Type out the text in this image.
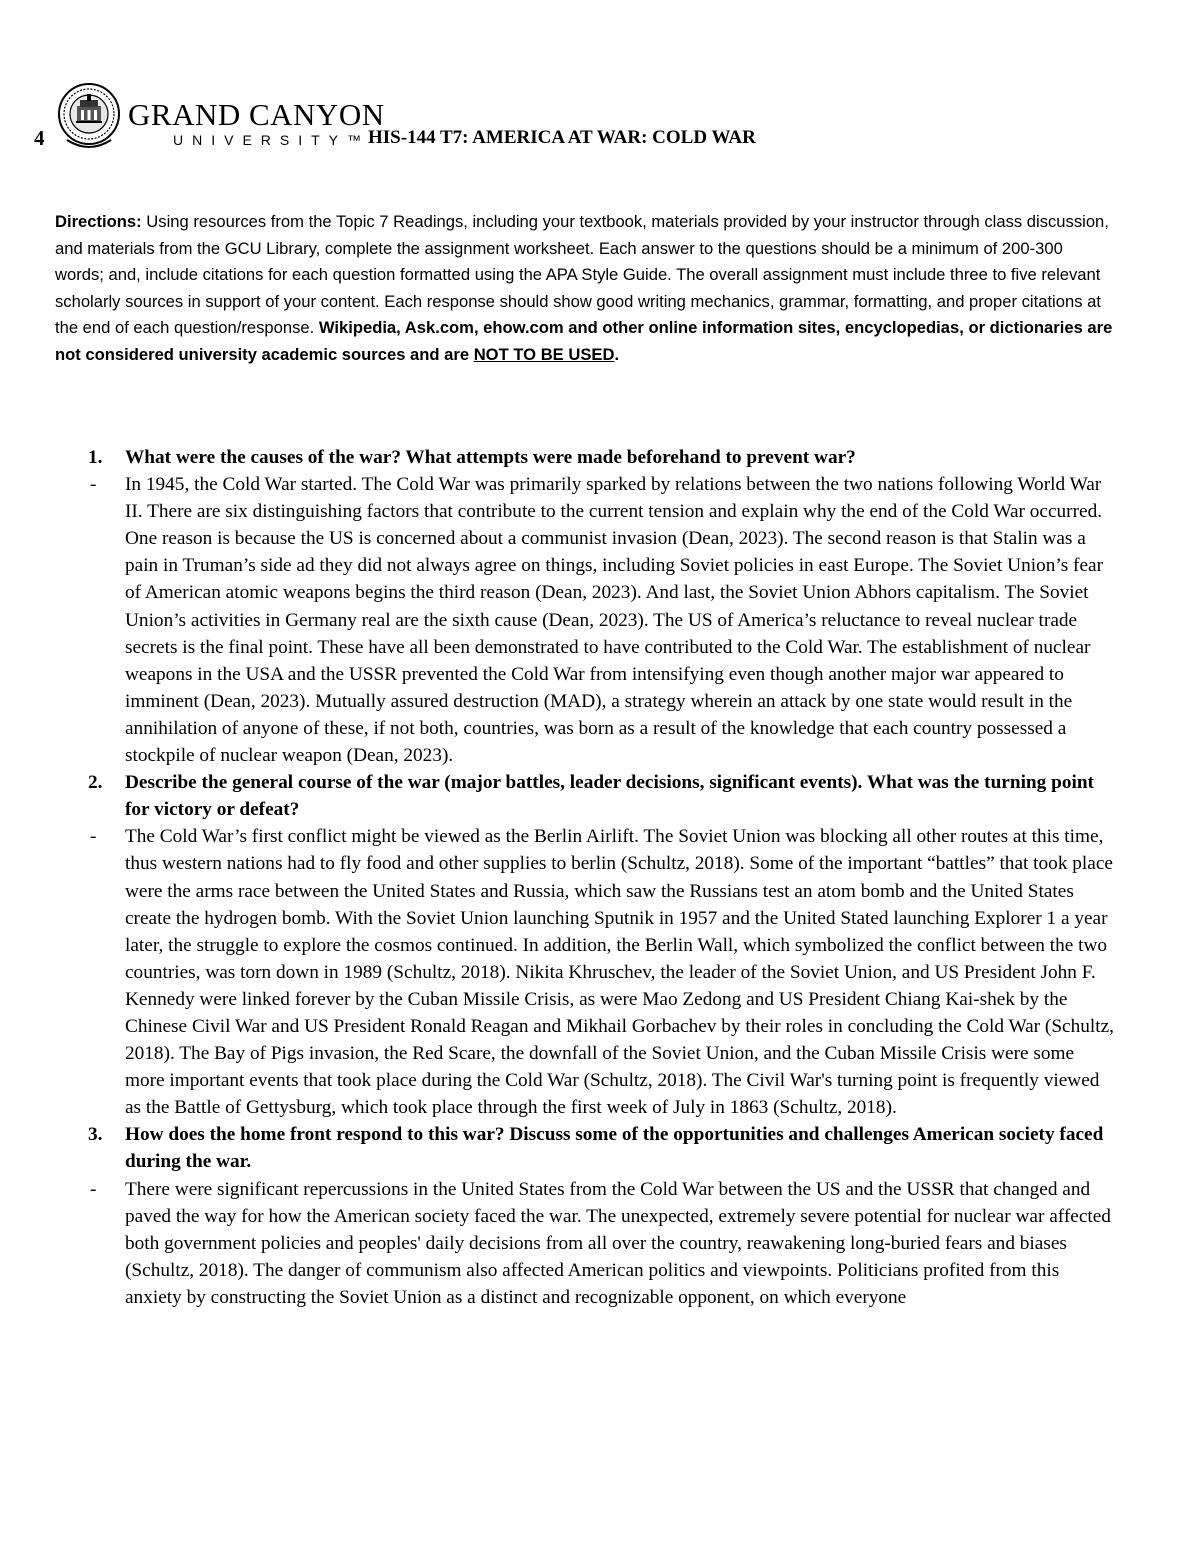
4
GRAND CANYON
UNIVERSITY™
HIS-144 T7: AMERICA AT WAR: COLD WAR

Directions: Using resources from the Topic 7 Readings, including your textbook, materials provided by your instructor through class discussion, and materials from the GCU Library, complete the assignment worksheet. Each answer to the questions should be a minimum of 200-300 words; and, include citations for each question formatted using the APA Style Guide. The overall assignment must include three to five relevant scholarly sources in support of your content. Each response should show good writing mechanics, grammar, formatting, and proper citations at the end of each question/response. Wikipedia, Ask.com, ehow.com and other online information sites, encyclopedias, or dictionaries are not considered university academic sources and are NOT TO BE USED.

1. What were the causes of the war? What attempts were made beforehand to prevent war?
- In 1945, the Cold War started. The Cold War was primarily sparked by relations between the two nations following World War II. There are six distinguishing factors that contribute to the current tension and explain why the end of the Cold War occurred. One reason is because the US is concerned about a communist invasion (Dean, 2023). The second reason is that Stalin was a pain in Truman’s side ad they did not always agree on things, including Soviet policies in east Europe. The Soviet Union’s fear of American atomic weapons begins the third reason (Dean, 2023). And last, the Soviet Union Abhors capitalism. The Soviet Union’s activities in Germany real are the sixth cause (Dean, 2023). The US of America’s reluctance to reveal nuclear trade secrets is the final point. These have all been demonstrated to have contributed to the Cold War. The establishment of nuclear weapons in the USA and the USSR prevented the Cold War from intensifying even though another major war appeared to imminent (Dean, 2023). Mutually assured destruction (MAD), a strategy wherein an attack by one state would result in the annihilation of anyone of these, if not both, countries, was born as a result of the knowledge that each country possessed a stockpile of nuclear weapon (Dean, 2023).
2. Describe the general course of the war (major battles, leader decisions, significant events). What was the turning point for victory or defeat?
- The Cold War’s first conflict might be viewed as the Berlin Airlift. The Soviet Union was blocking all other routes at this time, thus western nations had to fly food and other supplies to berlin (Schultz, 2018). Some of the important “battles” that took place were the arms race between the United States and Russia, which saw the Russians test an atom bomb and the United States create the hydrogen bomb. With the Soviet Union launching Sputnik in 1957 and the United Stated launching Explorer 1 a year later, the struggle to explore the cosmos continued. In addition, the Berlin Wall, which symbolized the conflict between the two countries, was torn down in 1989 (Schultz, 2018). Nikita Khruschev, the leader of the Soviet Union, and US President John F. Kennedy were linked forever by the Cuban Missile Crisis, as were Mao Zedong and US President Chiang Kai-shek by the Chinese Civil War and US President Ronald Reagan and Mikhail Gorbachev by their roles in concluding the Cold War (Schultz, 2018). The Bay of Pigs invasion, the Red Scare, the downfall of the Soviet Union, and the Cuban Missile Crisis were some more important events that took place during the Cold War (Schultz, 2018). The Civil War's turning point is frequently viewed as the Battle of Gettysburg, which took place through the first week of July in 1863 (Schultz, 2018).
3. How does the home front respond to this war? Discuss some of the opportunities and challenges American society faced during the war.
- There were significant repercussions in the United States from the Cold War between the US and the USSR that changed and paved the way for how the American society faced the war. The unexpected, extremely severe potential for nuclear war affected both government policies and peoples' daily decisions from all over the country, reawakening long-buried fears and biases (Schultz, 2018). The danger of communism also affected American politics and viewpoints. Politicians profited from this anxiety by constructing the Soviet Union as a distinct and recognizable opponent, on which everyone
